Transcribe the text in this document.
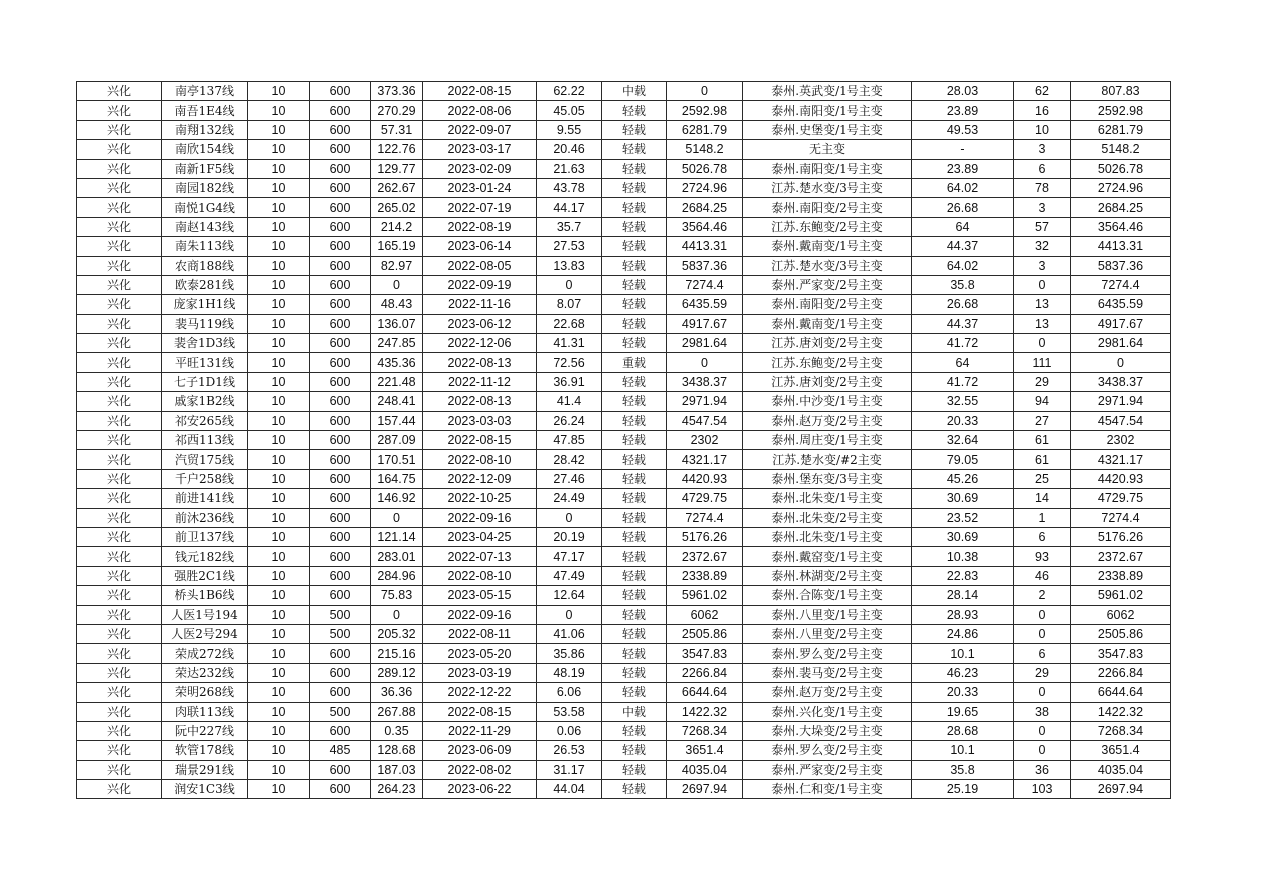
兴化	南亭137线	10	600	373.36	2022-08-15	62.22	中载	0	泰州.英武变/1号主变	28.03	62	807.83
兴化	南吾1E4线	10	600	270.29	2022-08-06	45.05	轻载	2592.98	泰州.南阳变/1号主变	23.89	16	2592.98
兴化	南翔132线	10	600	57.31	2022-09-07	9.55	轻载	6281.79	泰州.史堡变/1号主变	49.53	10	6281.79
兴化	南欣154线	10	600	122.76	2023-03-17	20.46	轻载	5148.2	无主变	-	3	5148.2
兴化	南新1F5线	10	600	129.77	2023-02-09	21.63	轻载	5026.78	泰州.南阳变/1号主变	23.89	6	5026.78
兴化	南园182线	10	600	262.67	2023-01-24	43.78	轻载	2724.96	江苏.楚水变/3号主变	64.02	78	2724.96
兴化	南悦1G4线	10	600	265.02	2022-07-19	44.17	轻载	2684.25	泰州.南阳变/2号主变	26.68	3	2684.25
兴化	南赵143线	10	600	214.2	2022-08-19	35.7	轻载	3564.46	江苏.东鲍变/2号主变	64	57	3564.46
兴化	南朱113线	10	600	165.19	2023-06-14	27.53	轻载	4413.31	泰州.戴南变/1号主变	44.37	32	4413.31
兴化	农商188线	10	600	82.97	2022-08-05	13.83	轻载	5837.36	江苏.楚水变/3号主变	64.02	3	5837.36
兴化	欧泰281线	10	600	0	2022-09-19	0	轻载	7274.4	泰州.严家变/2号主变	35.8	0	7274.4
兴化	庞家1H1线	10	600	48.43	2022-11-16	8.07	轻载	6435.59	泰州.南阳变/2号主变	26.68	13	6435.59
兴化	裴马119线	10	600	136.07	2023-06-12	22.68	轻载	4917.67	泰州.戴南变/1号主变	44.37	13	4917.67
兴化	裴舍1D3线	10	600	247.85	2022-12-06	41.31	轻载	2981.64	江苏.唐刘变/2号主变	41.72	0	2981.64
兴化	平旺131线	10	600	435.36	2022-08-13	72.56	重载	0	江苏.东鲍变/2号主变	64	111	0
兴化	七子1D1线	10	600	221.48	2022-11-12	36.91	轻载	3438.37	江苏.唐刘变/2号主变	41.72	29	3438.37
兴化	戚家1B2线	10	600	248.41	2022-08-13	41.4	轻载	2971.94	泰州.中沙变/1号主变	32.55	94	2971.94
兴化	祁安265线	10	600	157.44	2023-03-03	26.24	轻载	4547.54	泰州.赵万变/2号主变	20.33	27	4547.54
兴化	祁西113线	10	600	287.09	2022-08-15	47.85	轻载	2302	泰州.周庄变/1号主变	32.64	61	2302
兴化	汽贸175线	10	600	170.51	2022-08-10	28.42	轻载	4321.17	江苏.楚水变/#2主变	79.05	61	4321.17
兴化	千户258线	10	600	164.75	2022-12-09	27.46	轻载	4420.93	泰州.堡东变/3号主变	45.26	25	4420.93
兴化	前进141线	10	600	146.92	2022-10-25	24.49	轻载	4729.75	泰州.北朱变/1号主变	30.69	14	4729.75
兴化	前沐236线	10	600	0	2022-09-16	0	轻载	7274.4	泰州.北朱变/2号主变	23.52	1	7274.4
兴化	前卫137线	10	600	121.14	2023-04-25	20.19	轻载	5176.26	泰州.北朱变/1号主变	30.69	6	5176.26
兴化	钱元182线	10	600	283.01	2022-07-13	47.17	轻载	2372.67	泰州.戴窑变/1号主变	10.38	93	2372.67
兴化	强胜2C1线	10	600	284.96	2022-08-10	47.49	轻载	2338.89	泰州.林湖变/2号主变	22.83	46	2338.89
兴化	桥头1B6线	10	600	75.83	2023-05-15	12.64	轻载	5961.02	泰州.合陈变/1号主变	28.14	2	5961.02
兴化	人医1号194	10	500	0	2022-09-16	0	轻载	6062	泰州.八里变/1号主变	28.93	0	6062
兴化	人医2号294	10	500	205.32	2022-08-11	41.06	轻载	2505.86	泰州.八里变/2号主变	24.86	0	2505.86
兴化	荣成272线	10	600	215.16	2023-05-20	35.86	轻载	3547.83	泰州.罗么变/2号主变	10.1	6	3547.83
兴化	荣达232线	10	600	289.12	2023-03-19	48.19	轻载	2266.84	泰州.裴马变/2号主变	46.23	29	2266.84
兴化	荣明268线	10	600	36.36	2022-12-22	6.06	轻载	6644.64	泰州.赵万变/2号主变	20.33	0	6644.64
兴化	肉联113线	10	500	267.88	2022-08-15	53.58	中载	1422.32	泰州.兴化变/1号主变	19.65	38	1422.32
兴化	阮中227线	10	600	0.35	2022-11-29	0.06	轻载	7268.34	泰州.大垛变/2号主变	28.68	0	7268.34
兴化	软管178线	10	485	128.68	2023-06-09	26.53	轻载	3651.4	泰州.罗么变/2号主变	10.1	0	3651.4
兴化	瑞景291线	10	600	187.03	2022-08-02	31.17	轻载	4035.04	泰州.严家变/2号主变	35.8	36	4035.04
兴化	润安1C3线	10	600	264.23	2023-06-22	44.04	轻载	2697.94	泰州.仁和变/1号主变	25.19	103	2697.94
